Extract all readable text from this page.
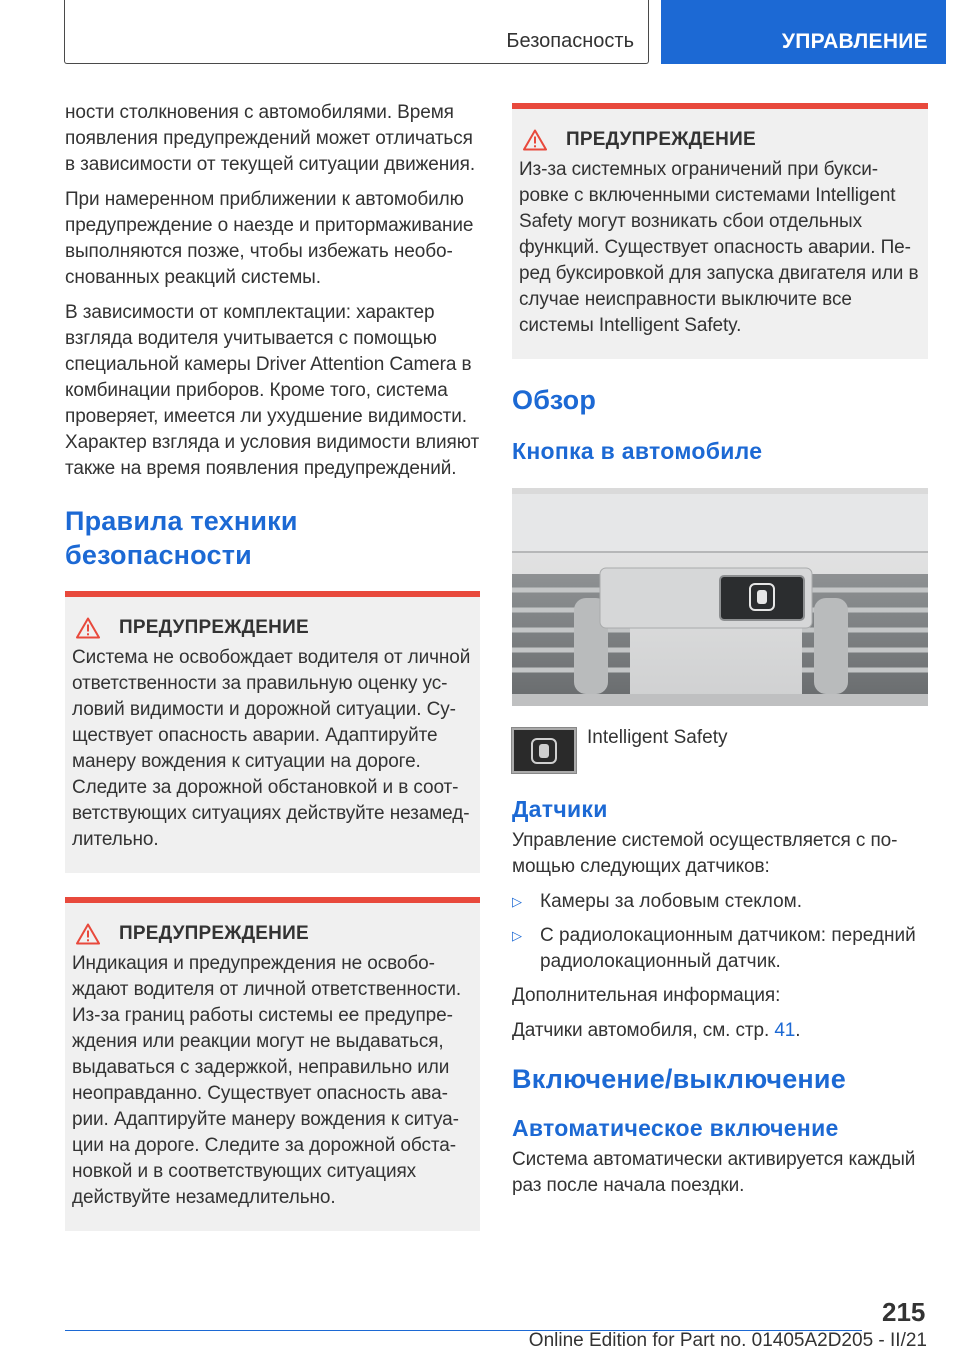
Безопасность	УПРАВЛЕНИЕ

ности столкновения с автомобилями. Время появления предупреждений может отличаться в зависимости от текущей ситуации движения.

При намеренном приближении к автомобилю предупреждение о наезде и притормаживание выполняются позже, чтобы избежать необоснованных реакций системы.

В зависимости от комплектации: характер взгляда водителя учитывается с помощью специальной камеры Driver Attention Camera в комбинации приборов. Кроме того, система проверяет, имеется ли ухудшение видимости. Характер взгляда и условия видимости влияют также на время появления предупреждений.

Правила техники безопасности
ПРЕДУПРЕЖДЕНИЕ

Система не освобождает водителя от личной ответственности за правильную оценку условий видимости и дорожной ситуации. Существует опасность аварии. Адаптируйте манеру вождения к ситуации на дороге. Следите за дорожной обстановкой и в соответствующих ситуациях действуйте незамедлительно.

ПРЕДУПРЕЖДЕНИЕ

Индикация и предупреждения не освобождают водителя от личной ответственности. Из-за границ работы системы ее предупреждения или реакции могут не выдаваться, выдаваться с задержкой, неправильно или неоправданно. Существует опасность аварии. Адаптируйте манеру вождения к ситуации на дороге. Следите за дорожной обстановкой и в соответствующих ситуациях действуйте незамедлительно.

ПРЕДУПРЕЖДЕНИЕ

Из-за системных ограничений при буксировке с включенными системами Intelligent Safety могут возникать сбои отдельных функций. Существует опасность аварии. Перед буксировкой для запуска двигателя или в случае неисправности выключите все системы Intelligent Safety.

Обзор
Кнопка в автомобиле
Intelligent Safety
Датчики

Управление системой осуществляется с помощью следующих датчиков:

▷ Камеры за лобовым стеклом.
▷ С радиолокационным датчиком: передний радиолокационный датчик.

Дополнительная информация:

Датчики автомобиля, см. стр. 41.

Включение/выключение
Автоматическое включение

Система автоматически активируется каждый раз после начала поездки.

215
Online Edition for Part no. 01405A2D205 - II/21
